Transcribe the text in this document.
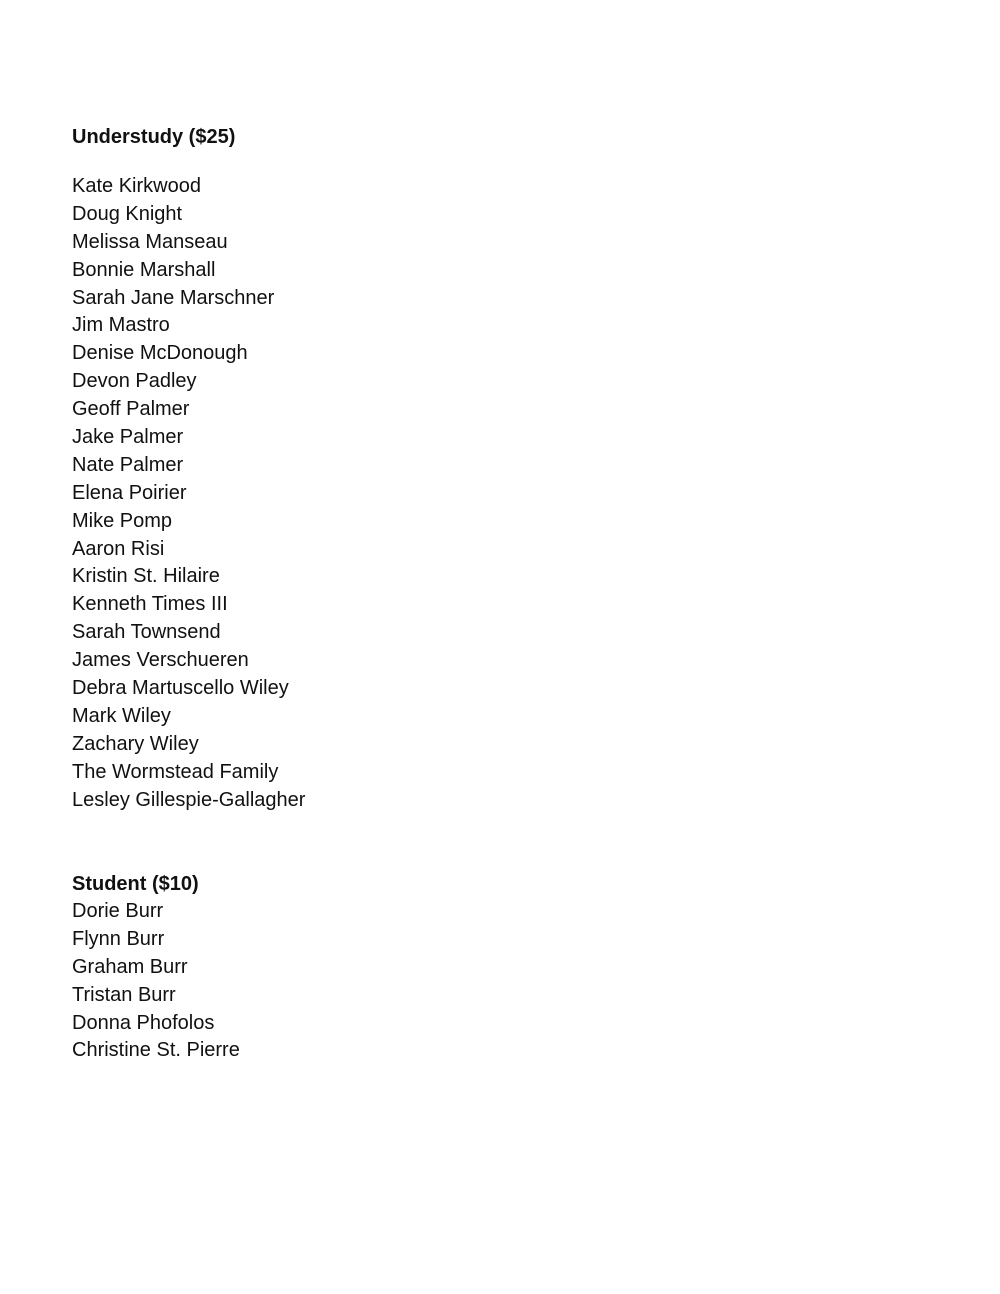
Understudy ($25)
Kate Kirkwood
Doug Knight
Melissa Manseau
Bonnie Marshall
Sarah Jane Marschner
Jim Mastro
Denise McDonough
Devon Padley
Geoff Palmer
Jake Palmer
Nate Palmer
Elena Poirier
Mike Pomp
Aaron Risi
Kristin St. Hilaire
Kenneth Times III
Sarah Townsend
James Verschueren
Debra Martuscello Wiley
Mark Wiley
Zachary Wiley
The Wormstead Family
Lesley Gillespie-Gallagher
Student ($10)
Dorie Burr
Flynn Burr
Graham Burr
Tristan Burr
Donna Phofolos
Christine St. Pierre
